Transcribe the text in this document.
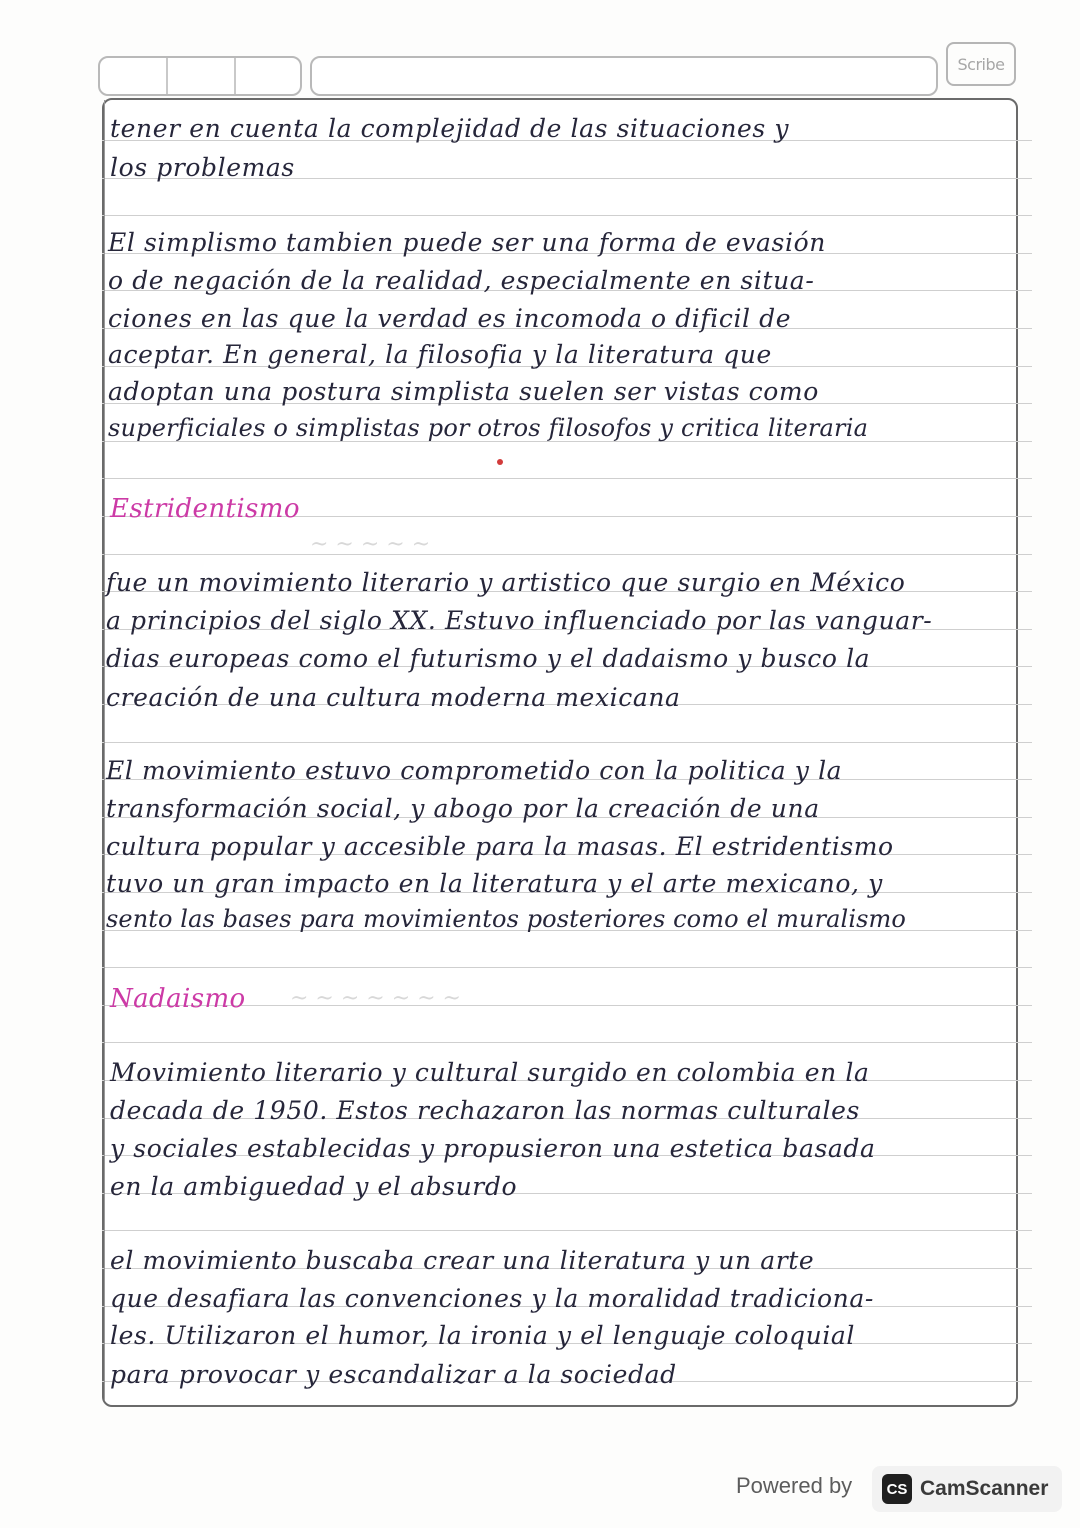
Scribe
tener en cuenta la complejidad de las situaciones y
los problemas
El simplismo tambien puede ser una forma de evasión
o de negación de la realidad, especialmente en situa-
ciones en las que la verdad es incomoda o dificil de
aceptar. En general, la filosofia y la literatura que
adoptan una postura simplista suelen ser vistas como
superficiales o simplistas por otros filosofos y critica literaria
Estridentismo
~ ~ ~ ~ ~
fue un movimiento literario y artistico que surgio en México
a principios del siglo XX. Estuvo influenciado por las vanguar-
dias europeas como el futurismo y el dadaismo y busco la
creación de una cultura moderna mexicana
El movimiento estuvo comprometido con la politica y la
transformación social, y abogo por la creación de una
cultura popular y accesible para la masas. El estridentismo
tuvo un gran impacto en la literatura y el arte mexicano, y
sento las bases para movimientos posteriores como el muralismo
Nadaismo ~ ~ ~ ~ ~ ~ ~
Movimiento literario y cultural surgido en colombia en la
decada de 1950. Estos rechazaron las normas culturales
y sociales establecidas y propusieron una estetica basada
en la ambiguedad y el absurdo
el movimiento buscaba crear una literatura y un arte
que desafiara las convenciones y la moralidad tradiciona-
les. Utilizaron el humor, la ironia y el lenguaje coloquial
para provocar y escandalizar a la sociedad
Powered by	CS CamScanner
